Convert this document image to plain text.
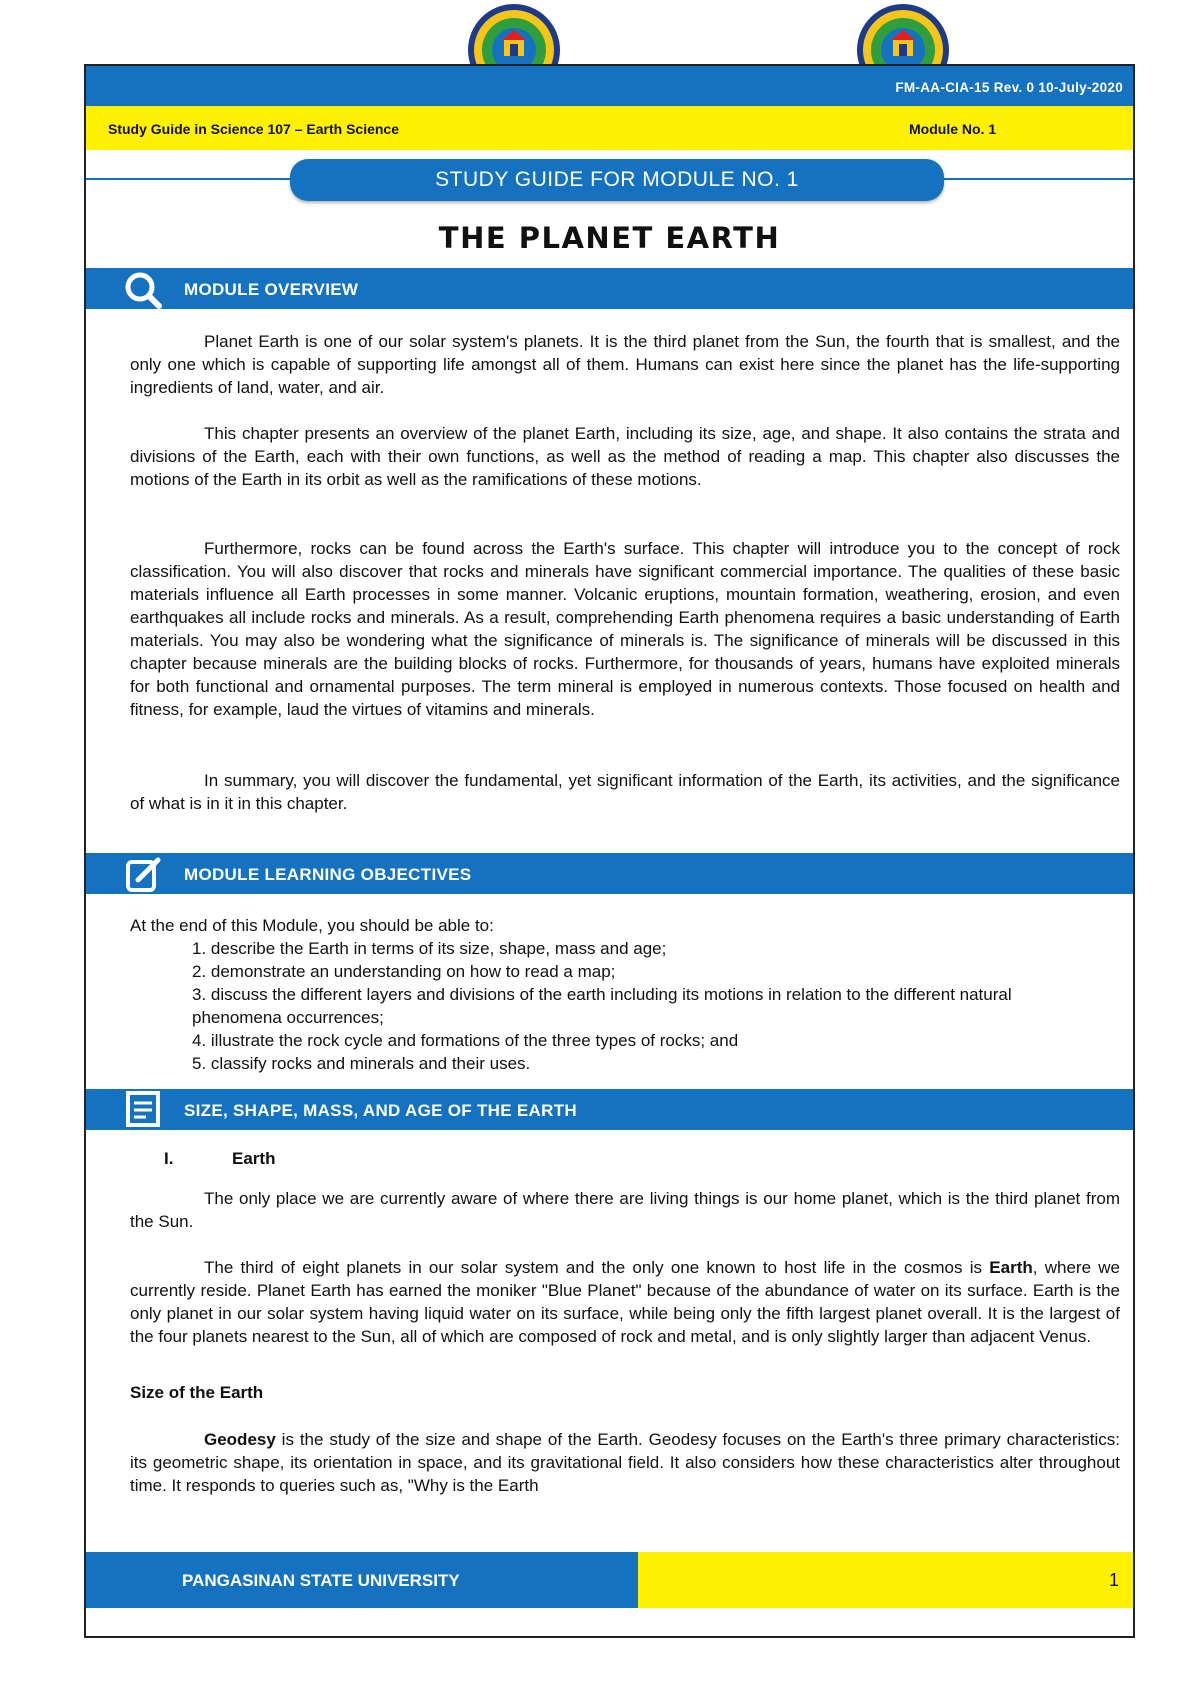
FM-AA-CIA-15 Rev. 0 10-July-2020
Study Guide in Science 107 – Earth Science	Module No. 1
STUDY GUIDE FOR MODULE NO. 1
THE PLANET EARTH
MODULE OVERVIEW
Planet Earth is one of our solar system's planets. It is the third planet from the Sun, the fourth that is smallest, and the only one which is capable of supporting life amongst all of them. Humans can exist here since the planet has the life-supporting ingredients of land, water, and air.
This chapter presents an overview of the planet Earth, including its size, age, and shape. It also contains the strata and divisions of the Earth, each with their own functions, as well as the method of reading a map. This chapter also discusses the motions of the Earth in its orbit as well as the ramifications of these motions.
Furthermore, rocks can be found across the Earth's surface. This chapter will introduce you to the concept of rock classification. You will also discover that rocks and minerals have significant commercial importance. The qualities of these basic materials influence all Earth processes in some manner. Volcanic eruptions, mountain formation, weathering, erosion, and even earthquakes all include rocks and minerals. As a result, comprehending Earth phenomena requires a basic understanding of Earth materials. You may also be wondering what the significance of minerals is. The significance of minerals will be discussed in this chapter because minerals are the building blocks of rocks. Furthermore, for thousands of years, humans have exploited minerals for both functional and ornamental purposes. The term mineral is employed in numerous contexts. Those focused on health and fitness, for example, laud the virtues of vitamins and minerals.
In summary, you will discover the fundamental, yet significant information of the Earth, its activities, and the significance of what is in it in this chapter.
MODULE LEARNING OBJECTIVES
At the end of this Module, you should be able to:
1. describe the Earth in terms of its size, shape, mass and age;
2. demonstrate an understanding on how to read a map;
3. discuss the different layers and divisions of the earth including its motions in relation to the different natural phenomena occurrences;
4. illustrate the rock cycle and formations of the three types of rocks; and
5. classify rocks and minerals and their uses.
SIZE, SHAPE, MASS, AND AGE OF THE EARTH
I.	Earth
The only place we are currently aware of where there are living things is our home planet, which is the third planet from the Sun.
The third of eight planets in our solar system and the only one known to host life in the cosmos is Earth, where we currently reside. Planet Earth has earned the moniker "Blue Planet" because of the abundance of water on its surface. Earth is the only planet in our solar system having liquid water on its surface, while being only the fifth largest planet overall. It is the largest of the four planets nearest to the Sun, all of which are composed of rock and metal, and is only slightly larger than adjacent Venus.
Size of the Earth
Geodesy is the study of the size and shape of the Earth. Geodesy focuses on the Earth's three primary characteristics: its geometric shape, its orientation in space, and its gravitational field. It also considers how these characteristics alter throughout time. It responds to queries such as, "Why is the Earth
PANGASINAN STATE UNIVERSITY	1
